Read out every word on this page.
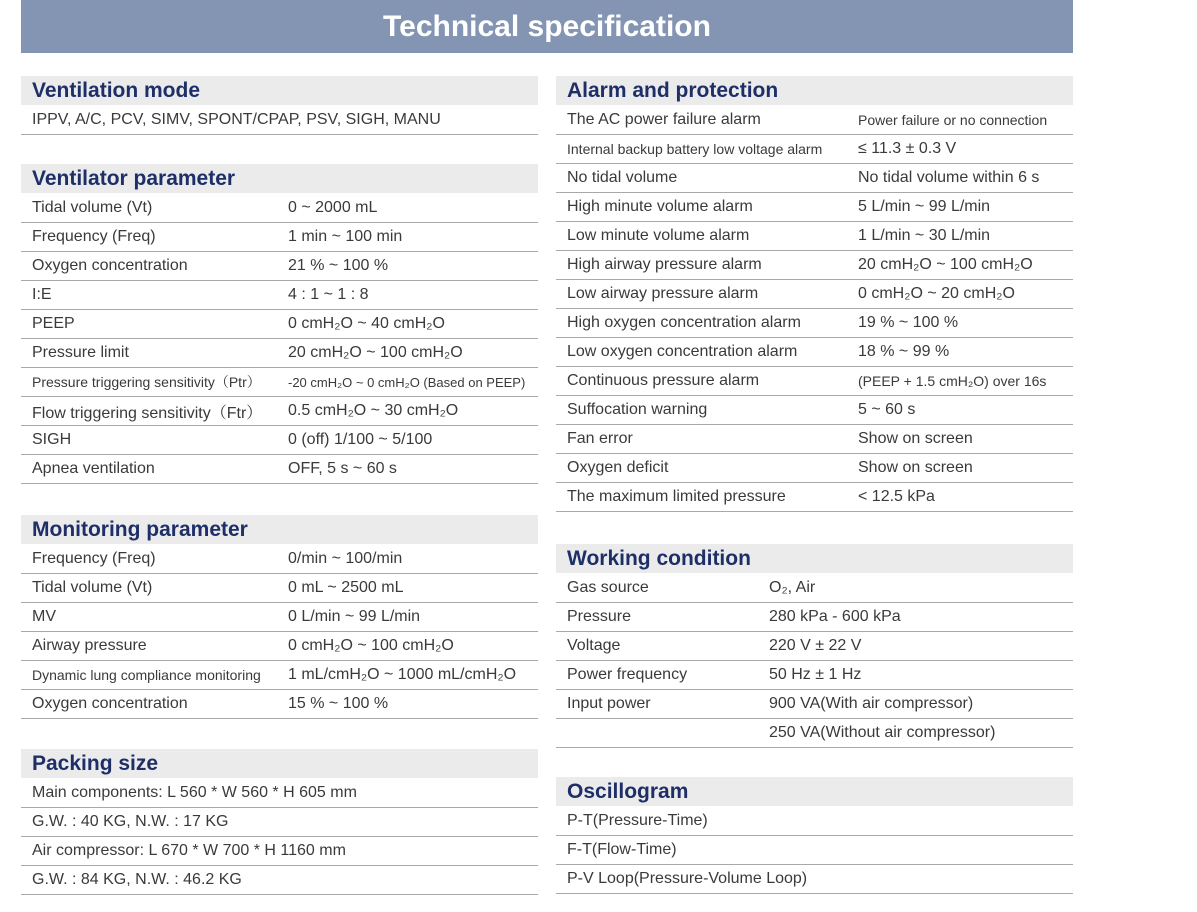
Technical specification
Ventilation mode
IPPV, A/C, PCV, SIMV, SPONT/CPAP, PSV, SIGH, MANU
Ventilator parameter
Tidal volume (Vt)	0 ~ 2000 mL
Frequency (Freq)	1 min ~ 100 min
Oxygen concentration	21 % ~ 100 %
I:E	4 : 1 ~ 1 : 8
PEEP	0 cmH₂O ~ 40 cmH₂O
Pressure limit	20 cmH₂O ~ 100 cmH₂O
Pressure triggering sensitivity（Ptr）	-20 cmH₂O ~ 0 cmH₂O (Based on PEEP)
Flow triggering sensitivity（Ftr）	0.5 cmH₂O ~ 30 cmH₂O
SIGH	0 (off) 1/100 ~ 5/100
Apnea ventilation	OFF, 5 s ~ 60 s
Monitoring parameter
Frequency (Freq)	0/min ~ 100/min
Tidal volume (Vt)	0 mL ~ 2500 mL
MV	0 L/min ~ 99 L/min
Airway pressure	0 cmH₂O ~ 100 cmH₂O
Dynamic lung compliance monitoring	1 mL/cmH₂O ~ 1000 mL/cmH₂O
Oxygen concentration	15 % ~ 100 %
Packing size
Main components: L 560 * W 560 * H 605 mm
G.W. : 40 KG, N.W. : 17 KG
Air compressor: L 670 * W 700 * H 1160 mm
G.W. : 84 KG, N.W. : 46.2 KG
Alarm and protection
The AC power failure alarm	Power failure or no connection
Internal backup battery low voltage alarm	≤ 11.3 ± 0.3 V
No tidal volume	No tidal volume within 6 s
High minute volume alarm	5 L/min ~ 99 L/min
Low minute volume alarm	1 L/min ~ 30 L/min
High airway pressure alarm	20 cmH₂O ~ 100 cmH₂O
Low airway pressure alarm	0 cmH₂O ~ 20 cmH₂O
High oxygen concentration alarm	19 % ~ 100 %
Low oxygen concentration alarm	18 % ~ 99 %
Continuous pressure alarm	(PEEP + 1.5 cmH₂O) over 16s
Suffocation warning	5 ~ 60 s
Fan error	Show on screen
Oxygen deficit	Show on screen
The maximum limited pressure	< 12.5 kPa
Working condition
Gas source	O₂, Air
Pressure	280 kPa - 600 kPa
Voltage	220 V ± 22 V
Power frequency	50 Hz ± 1 Hz
Input power	900 VA(With air compressor)
250 VA(Without air compressor)
Oscillogram
P-T(Pressure-Time)
F-T(Flow-Time)
P-V Loop(Pressure-Volume Loop)
